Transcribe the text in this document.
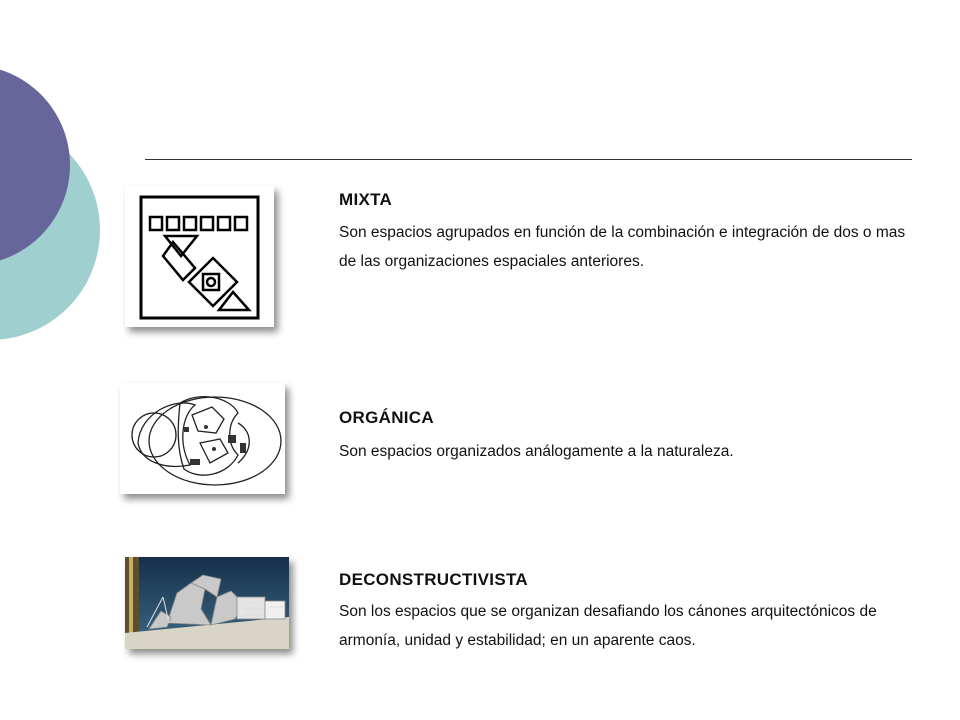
MIXTA
Son espacios agrupados en función de la combinación e integración de dos o mas de las organizaciones espaciales anteriores.
ORGÁNICA
Son espacios organizados análogamente a la naturaleza.
DECONSTRUCTIVISTA
Son los espacios que se organizan desafiando los cánones arquitectónicos de armonía, unidad y estabilidad; en un aparente caos.
